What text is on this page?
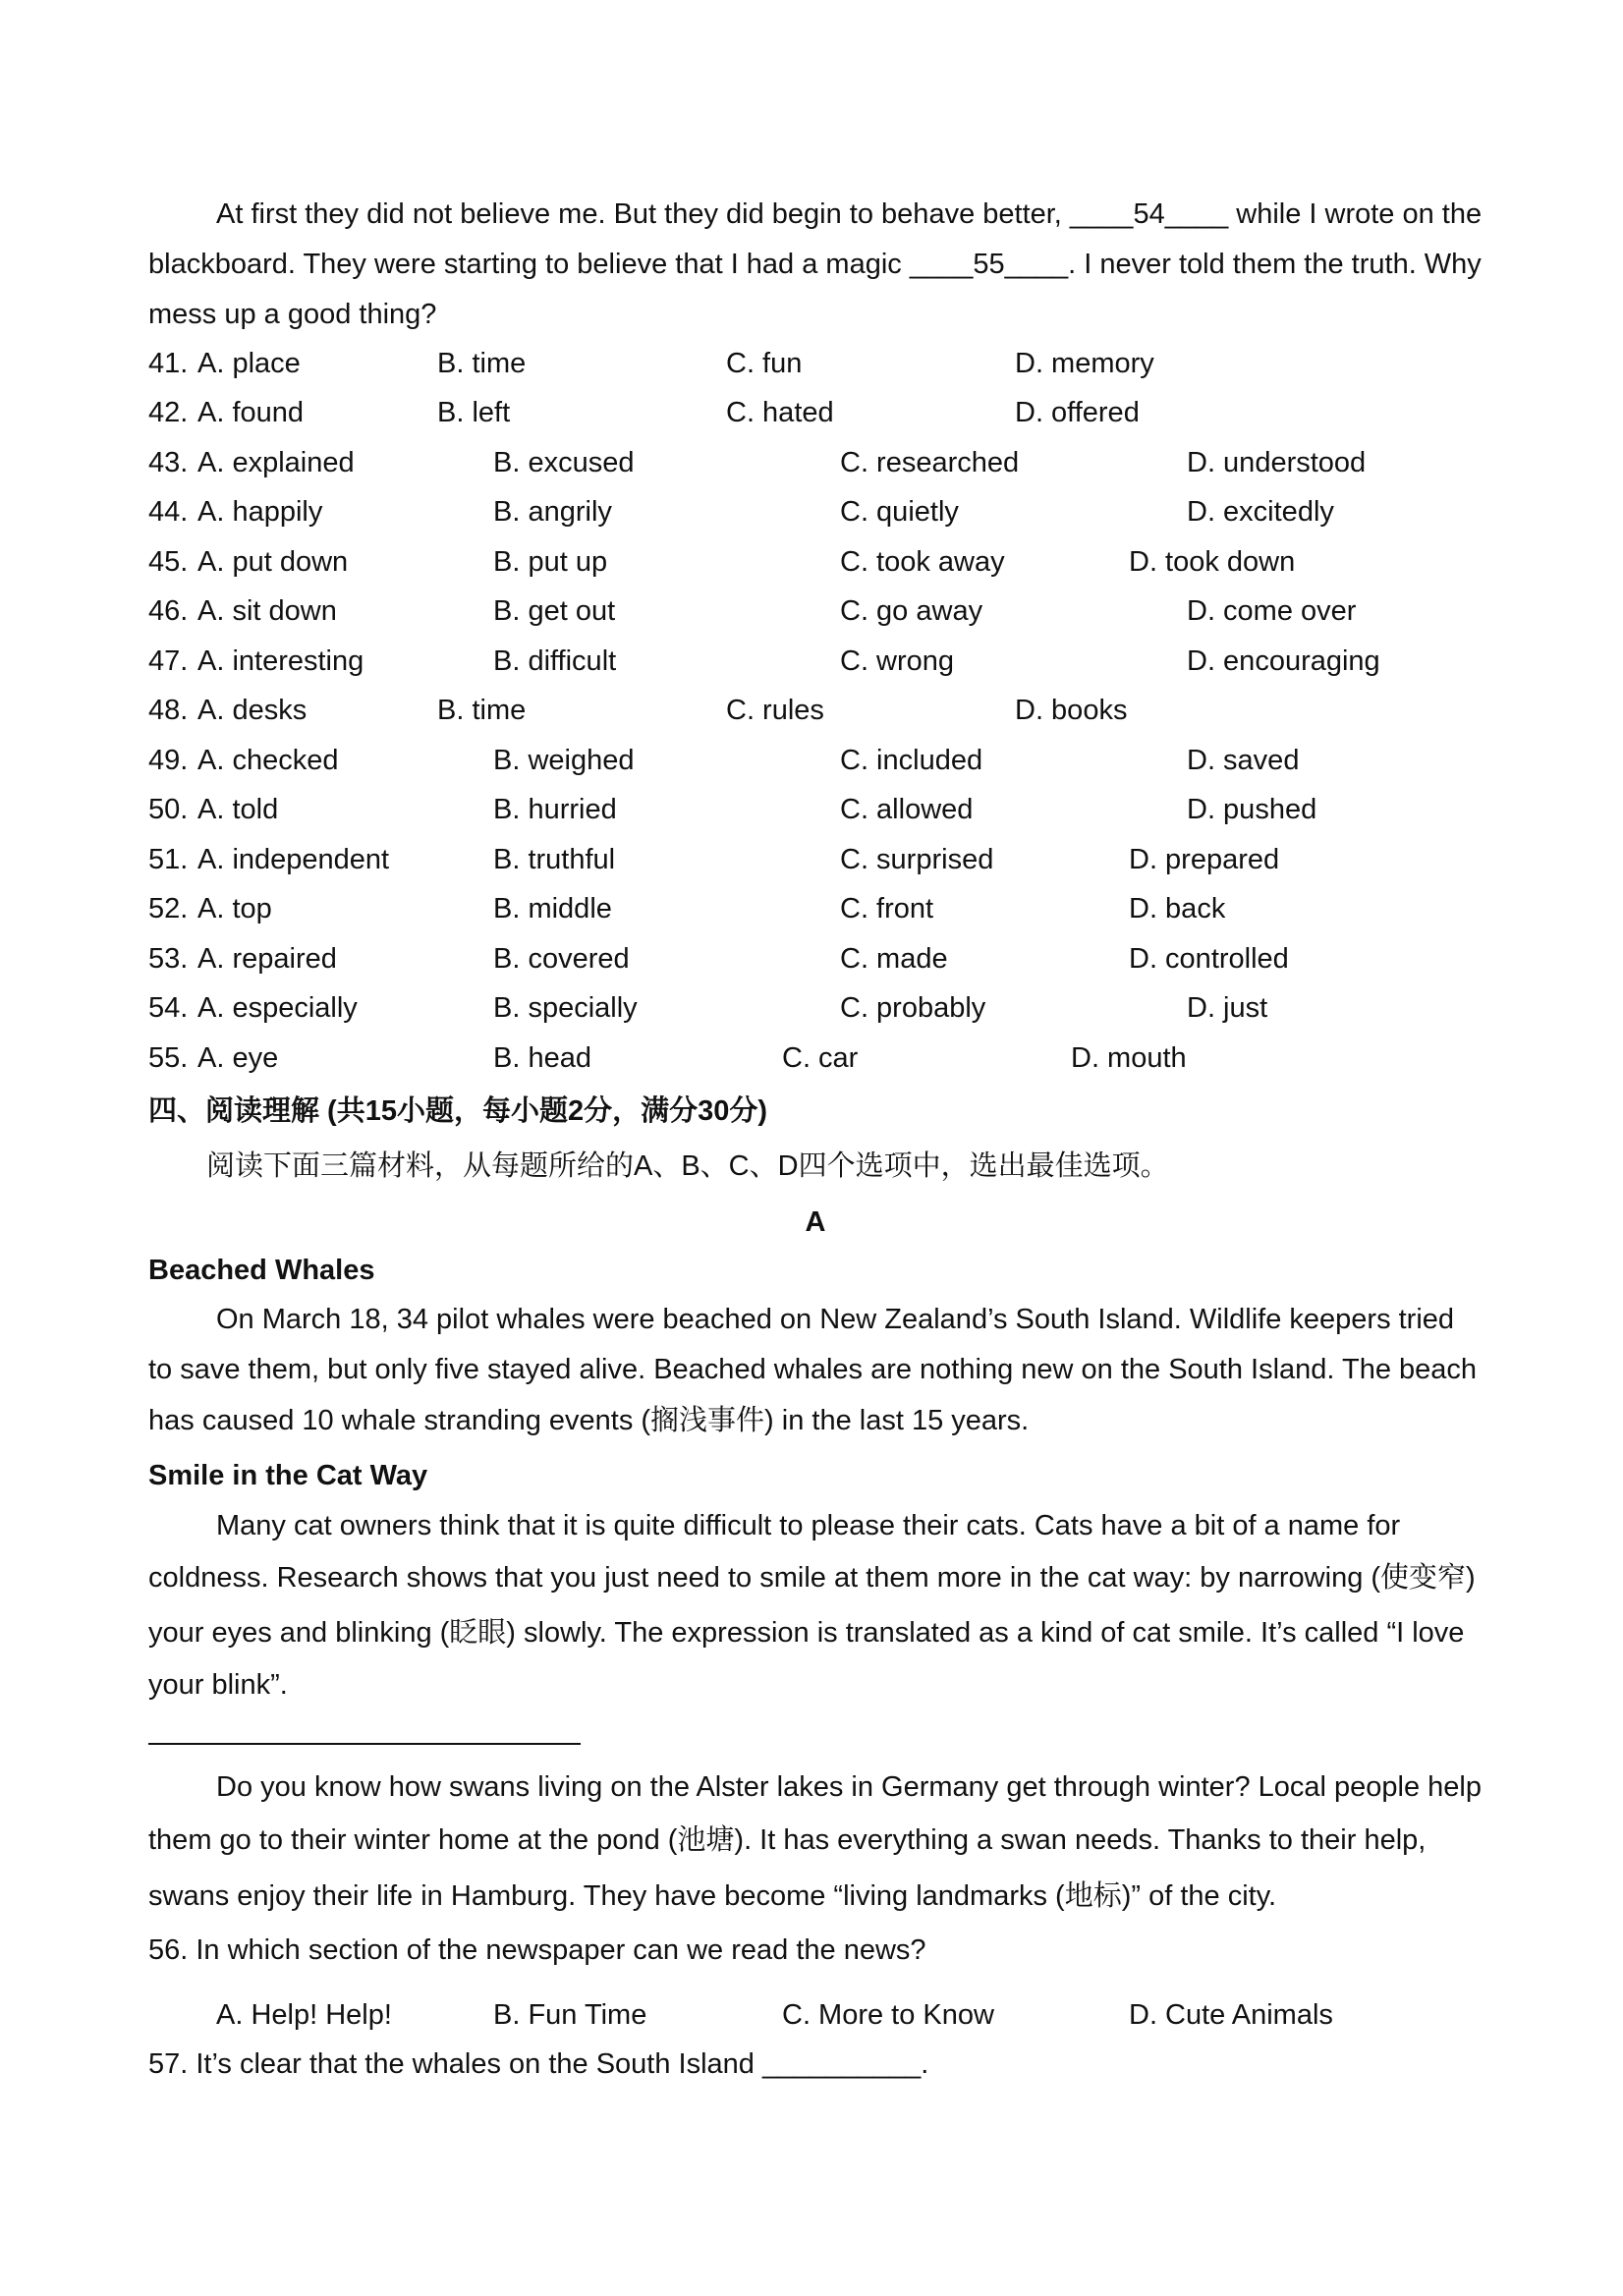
At first they did not believe me. But they did begin to behave better, ____54____ while I wrote on the
blackboard. They were starting to believe that I had a magic ____55____. I never told them the truth. Why
mess up a good thing?
41. A. place	B. time	C. fun	D. memory
42. A. found	B. left	C. hated	D. offered
43. A. explained	B. excused	C. researched	D. understood
44. A. happily	B. angrily	C. quietly	D. excitedly
45. A. put down	B. put up	C. took away	D. took down
46. A. sit down	B. get out	C. go away	D. come over
47. A. interesting	B. difficult	C. wrong	D. encouraging
48. A. desks	B. time	C. rules	D. books
49. A. checked	B. weighed	C. included	D. saved
50. A. told	B. hurried	C. allowed	D. pushed
51. A. independent	B. truthful	C. surprised	D. prepared
52. A. top	B. middle	C. front	D. back
53. A. repaired	B. covered	C. made	D. controlled
54. A. especially	B. specially	C. probably	D. just
55. A. eye	B. head	C. car	D. mouth
四、阅读理解 (共15小题，每小题2分，满分30分)
阅读下面三篇材料，从每题所给的A、B、C、D四个选项中，选出最佳选项。
A
Beached Whales
On March 18, 34 pilot whales were beached on New Zealand’s South Island. Wildlife keepers tried
to save them, but only five stayed alive. Beached whales are nothing new on the South Island. The beach
has caused 10 whale stranding events (搁浅事件) in the last 15 years.
Smile in the Cat Way
Many cat owners think that it is quite difficult to please their cats. Cats have a bit of a name for
coldness. Research shows that you just need to smile at them more in the cat way: by narrowing (使变窄)
your eyes and blinking (眨眼) slowly. The expression is translated as a kind of cat smile. It’s called “I love
your blink”.
Do you know how swans living on the Alster lakes in Germany get through winter? Local people help
them go to their winter home at the pond (池塘). It has everything a swan needs. Thanks to their help,
swans enjoy their life in Hamburg. They have become “living landmarks (地标)” of the city.
56. In which section of the newspaper can we read the news?
A. Help! Help!	B. Fun Time	C. More to Know	D. Cute Animals
57. It’s clear that the whales on the South Island __________.
